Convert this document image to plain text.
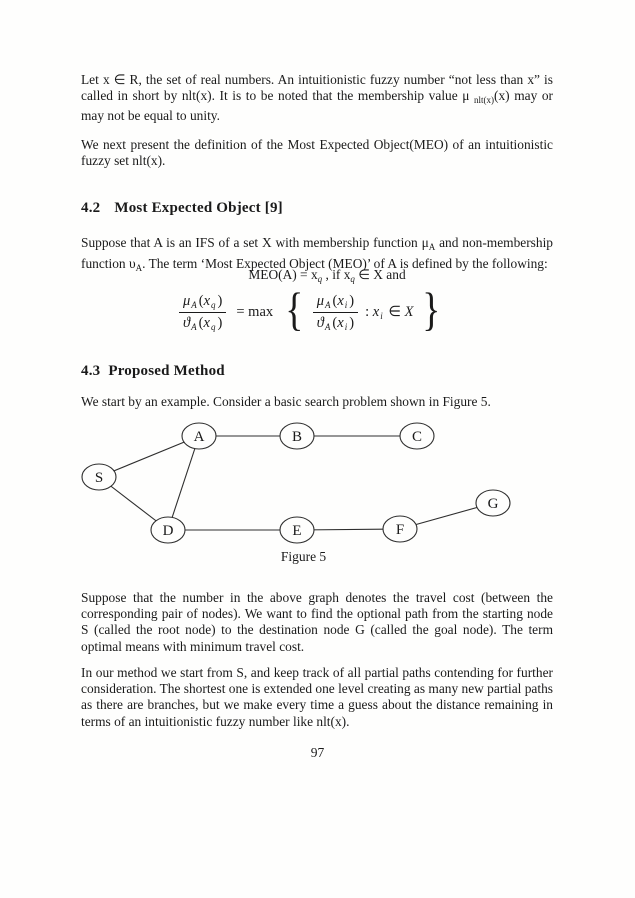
Let x ∈ R, the set of real numbers. An intuitionistic fuzzy number “not less than x” is called in short by nlt(x). It is to be noted that the membership value μ $_{nlt(x)}$(x) may or may not be equal to unity.

We next present the definition of the Most Expected Object(MEO) of an intuitionistic fuzzy set nlt(x).

4.2 Most Expected Object [9]

Suppose that A is an IFS of a set X with membership function $\mu_A$ and non-membership function $\upsilon_A$. The term ‘Most Expected Object (MEO)’ of A is defined by the following:

$MEO(A) = x_q$ , if $x_q$ ∈ X and
$\frac{\mu_A (x_q )}{ϑ_A (x_q )} = \max$ { $\frac{\mu_A (x_i )}{ϑ_A (x_i )}$ : $x_i$ ∈ X }
4.3 Proposed Method

We start by an example. Consider a basic search problem shown in Figure 5.

S
A	B	C
D	E	F
G
Figure 5

Suppose that the number in the above graph denotes the travel cost (between the corresponding pair of nodes). We want to find the optional path from the starting node S (called the root node) to the destination node G (called the goal node). The term optimal means with minimum travel cost.

In our method we start from S, and keep track of all partial paths contending for further consideration. The shortest one is extended one level creating as many new partial paths as there are branches, but we make every time a guess about the distance remaining in terms of an intuitionistic fuzzy number like nlt(x).

97
